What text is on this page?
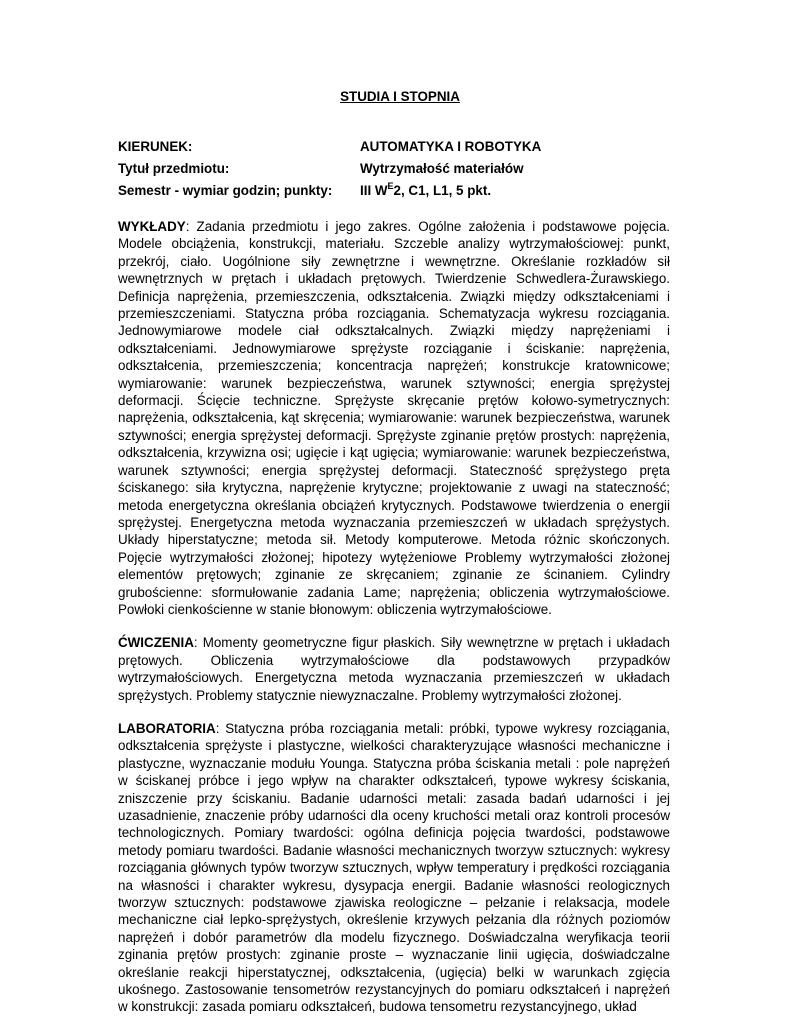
STUDIA I STOPNIA

KIERUNEK:	AUTOMATYKA I ROBOTYKA
Tytuł przedmiotu:	Wytrzymałość materiałów
Semestr - wymiar godzin; punkty:	III $W^E2$, C1, L1, 5 pkt.

WYKŁADY: Zadania przedmiotu i jego zakres. Ogólne założenia i podstawowe pojęcia. Modele obciążenia, konstrukcji, materiału. Szczeble analizy wytrzymałościowej: punkt, przekrój, ciało. Uogólnione siły zewnętrzne i wewnętrzne. Określanie rozkładów sił wewnętrznych w prętach i układach prętowych. Twierdzenie Schwedlera-Żurawskiego. Definicja naprężenia, przemieszczenia, odkształcenia. Związki między odkształceniami i przemieszczeniami. Statyczna próba rozciągania. Schematyzacja wykresu rozciągania. Jednowymiarowe modele ciał odkształcalnych. Związki między naprężeniami i odkształceniami. Jednowymiarowe sprężyste rozciąganie i ściskanie: naprężenia, odkształcenia, przemieszczenia; koncentracja naprężeń; konstrukcje kratownicowe; wymiarowanie: warunek bezpieczeństwa, warunek sztywności; energia sprężystej deformacji. Ścięcie techniczne. Sprężyste skręcanie prętów kołowo-symetrycznych: naprężenia, odkształcenia, kąt skręcenia; wymiarowanie: warunek bezpieczeństwa, warunek sztywności; energia sprężystej deformacji. Sprężyste zginanie prętów prostych: naprężenia, odkształcenia, krzywizna osi; ugięcie i kąt ugięcia; wymiarowanie: warunek bezpieczeństwa, warunek sztywności; energia sprężystej deformacji. Stateczność sprężystego pręta ściskanego: siła krytyczna, naprężenie krytyczne; projektowanie z uwagi na stateczność; metoda energetyczna określania obciążeń krytycznych. Podstawowe twierdzenia o energii sprężystej. Energetyczna metoda wyznaczania przemieszczeń w układach sprężystych. Układy hiperstatyczne; metoda sił. Metody komputerowe. Metoda różnic skończonych. Pojęcie wytrzymałości złożonej; hipotezy wytężeniowe Problemy wytrzymałości złożonej elementów prętowych; zginanie ze skręcaniem; zginanie ze ścinaniem. Cylindry grubościenne: sformułowanie zadania Lame; naprężenia; obliczenia wytrzymałościowe. Powłoki cienkościenne w stanie błonowym: obliczenia wytrzymałościowe.

ĆWICZENIA: Momenty geometryczne figur płaskich. Siły wewnętrzne w prętach i układach prętowych. Obliczenia wytrzymałościowe dla podstawowych przypadków wytrzymałościowych. Energetyczna metoda wyznaczania przemieszczeń w układach sprężystych. Problemy statycznie niewyznaczalne. Problemy wytrzymałości złożonej.

LABORATORIA: Statyczna próba rozciągania metali: próbki, typowe wykresy rozciągania, odkształcenia sprężyste i plastyczne, wielkości charakteryzujące własności mechaniczne i plastyczne, wyznaczanie modułu Younga. Statyczna próba ściskania metali : pole naprężeń w ściskanej próbce i jego wpływ na charakter odkształceń, typowe wykresy ściskania, zniszczenie przy ściskaniu. Badanie udarności metali: zasada badań udarności i jej uzasadnienie, znaczenie próby udarności dla oceny kruchości metali oraz kontroli procesów technologicznych. Pomiary twardości: ogólna definicja pojęcia twardości, podstawowe metody pomiaru twardości. Badanie własności mechanicznych tworzyw sztucznych: wykresy rozciągania głównych typów tworzyw sztucznych, wpływ temperatury i prędkości rozciągania na własności i charakter wykresu, dysypacja energii. Badanie własności reologicznych tworzyw sztucznych: podstawowe zjawiska reologiczne – pełzanie i relaksacja, modele mechaniczne ciał lepko-sprężystych, określenie krzywych pełzania dla różnych poziomów naprężeń i dobór parametrów dla modelu fizycznego. Doświadczalna weryfikacja teorii zginania prętów prostych: zginanie proste – wyznaczanie linii ugięcia, doświadczalne określanie reakcji hiperstatycznej, odkształcenia, (ugięcia) belki w warunkach zgięcia ukośnego. Zastosowanie tensometrów rezystancyjnych do pomiaru odkształceń i naprężeń w konstrukcji: zasada pomiaru odkształceń, budowa tensometru rezystancyjnego, układ
